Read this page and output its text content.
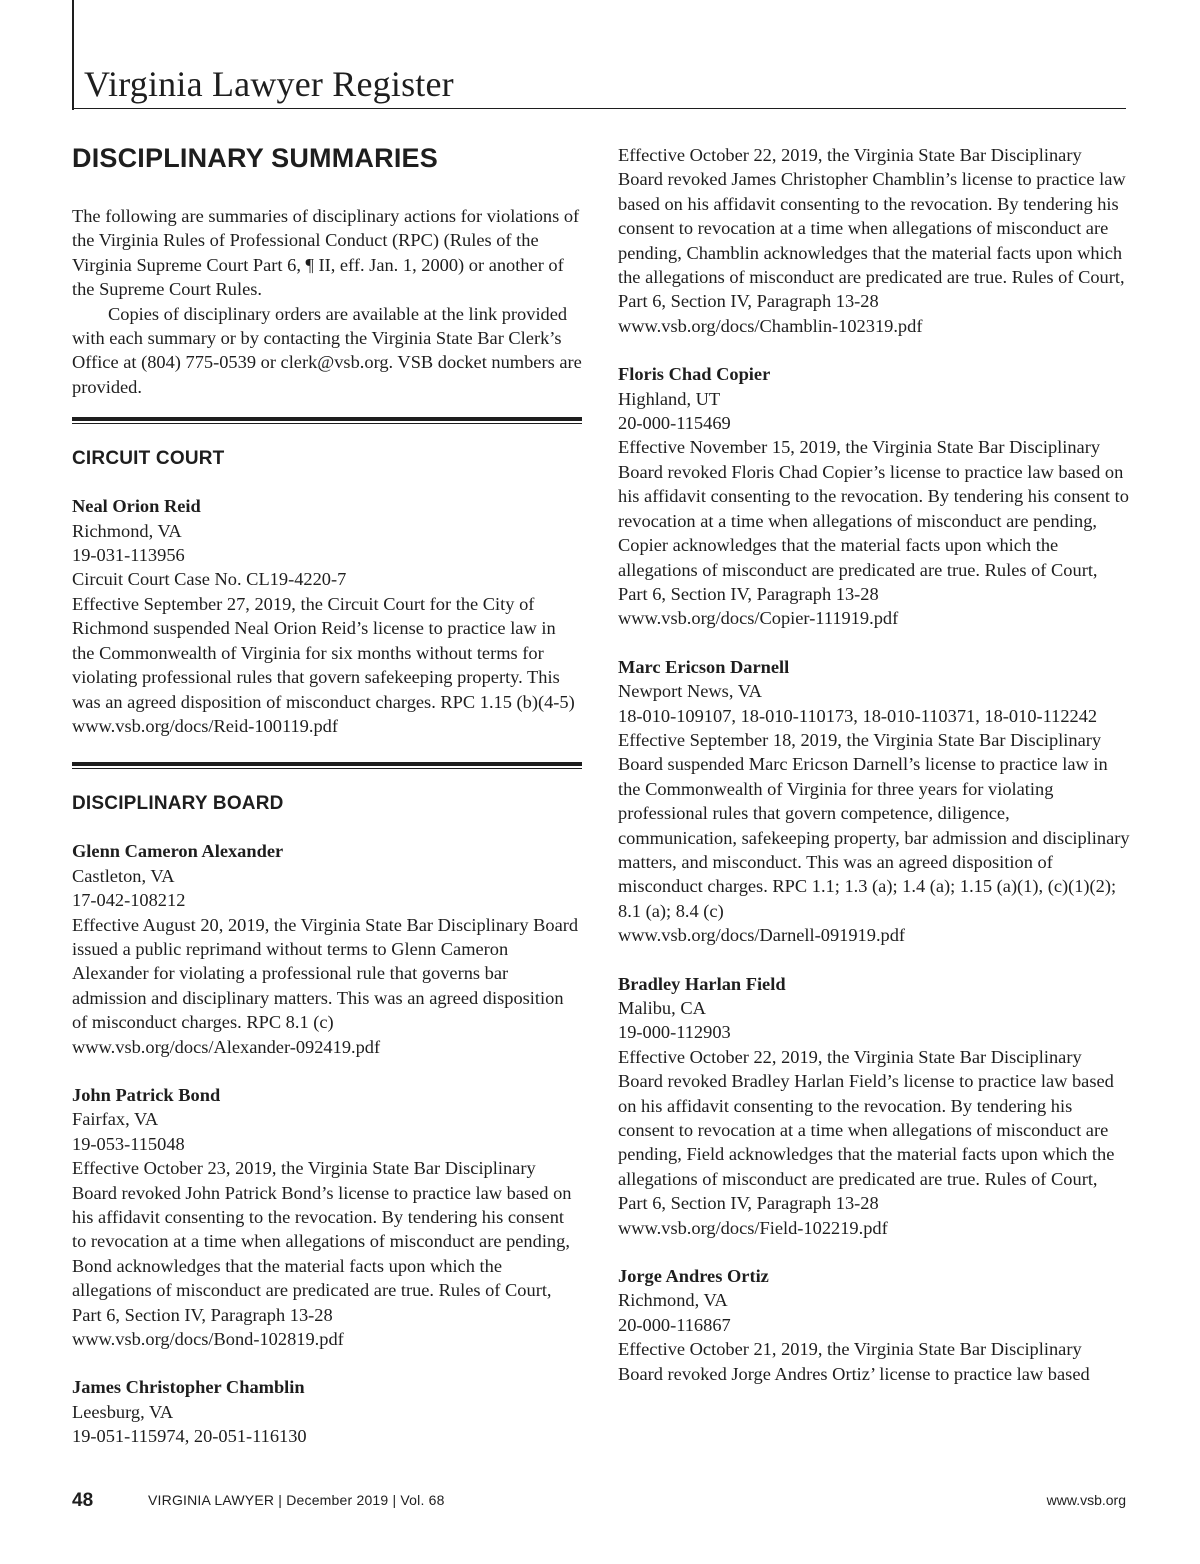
Virginia Lawyer Register
DISCIPLINARY SUMMARIES

The following are summaries of disciplinary actions for violations of the Virginia Rules of Professional Conduct (RPC) (Rules of the Virginia Supreme Court Part 6, ¶ II, eff. Jan. 1, 2000) or another of the Supreme Court Rules.

Copies of disciplinary orders are available at the link provided with each summary or by contacting the Virginia State Bar Clerk’s Office at (804) 775-0539 or clerk@vsb.org. VSB docket numbers are provided.

CIRCUIT COURT
Neal Orion Reid
Richmond, VA
19-031-113956
Circuit Court Case No. CL19-4220-7
Effective September 27, 2019, the Circuit Court for the City of Richmond suspended Neal Orion Reid’s license to practice law in the Commonwealth of Virginia for six months without terms for violating professional rules that govern safekeeping property. This was an agreed disposition of misconduct charges. RPC 1.15 (b)(4-5)
www.vsb.org/docs/Reid-100119.pdf
DISCIPLINARY BOARD
Glenn Cameron Alexander
Castleton, VA
17-042-108212
Effective August 20, 2019, the Virginia State Bar Disciplinary Board issued a public reprimand without terms to Glenn Cameron Alexander for violating a professional rule that governs bar admission and disciplinary matters. This was an agreed disposition of misconduct charges. RPC 8.1 (c)
www.vsb.org/docs/Alexander-092419.pdf
John Patrick Bond
Fairfax, VA
19-053-115048
Effective October 23, 2019, the Virginia State Bar Disciplinary Board revoked John Patrick Bond’s license to practice law based on his affidavit consenting to the revocation. By tendering his consent to revocation at a time when allegations of misconduct are pending, Bond acknowledges that the material facts upon which the allegations of misconduct are predicated are true. Rules of Court, Part 6, Section IV, Paragraph 13-28
www.vsb.org/docs/Bond-102819.pdf
James Christopher Chamblin
Leesburg, VA
19-051-115974, 20-051-116130
Effective October 22, 2019, the Virginia State Bar Disciplinary Board revoked James Christopher Chamblin’s license to practice law based on his affidavit consenting to the revocation. By tendering his consent to revocation at a time when allegations of misconduct are pending, Chamblin acknowledges that the material facts upon which the allegations of misconduct are predicated are true. Rules of Court, Part 6, Section IV, Paragraph 13-28
www.vsb.org/docs/Chamblin-102319.pdf
Floris Chad Copier
Highland, UT
20-000-115469
Effective November 15, 2019, the Virginia State Bar Disciplinary Board revoked Floris Chad Copier’s license to practice law based on his affidavit consenting to the revocation. By tendering his consent to revocation at a time when allegations of misconduct are pending, Copier acknowledges that the material facts upon which the allegations of misconduct are predicated are true. Rules of Court, Part 6, Section IV, Paragraph 13-28
www.vsb.org/docs/Copier-111919.pdf
Marc Ericson Darnell
Newport News, VA
18-010-109107, 18-010-110173, 18-010-110371, 18-010-112242
Effective September 18, 2019, the Virginia State Bar Disciplinary Board suspended Marc Ericson Darnell’s license to practice law in the Commonwealth of Virginia for three years for violating professional rules that govern competence, diligence, communication, safekeeping property, bar admission and disciplinary matters, and misconduct. This was an agreed disposition of misconduct charges. RPC 1.1; 1.3 (a); 1.4 (a); 1.15 (a)(1), (c)(1)(2); 8.1 (a); 8.4 (c)
www.vsb.org/docs/Darnell-091919.pdf
Bradley Harlan Field
Malibu, CA
19-000-112903
Effective October 22, 2019, the Virginia State Bar Disciplinary Board revoked Bradley Harlan Field’s license to practice law based on his affidavit consenting to the revocation. By tendering his consent to revocation at a time when allegations of misconduct are pending, Field acknowledges that the material facts upon which the allegations of misconduct are predicated are true. Rules of Court, Part 6, Section IV, Paragraph 13-28
www.vsb.org/docs/Field-102219.pdf
Jorge Andres Ortiz
Richmond, VA
20-000-116867
Effective October 21, 2019, the Virginia State Bar Disciplinary Board revoked Jorge Andres Ortiz’ license to practice law based
48	VIRGINIA LAWYER | December 2019 | Vol. 68	www.vsb.org
